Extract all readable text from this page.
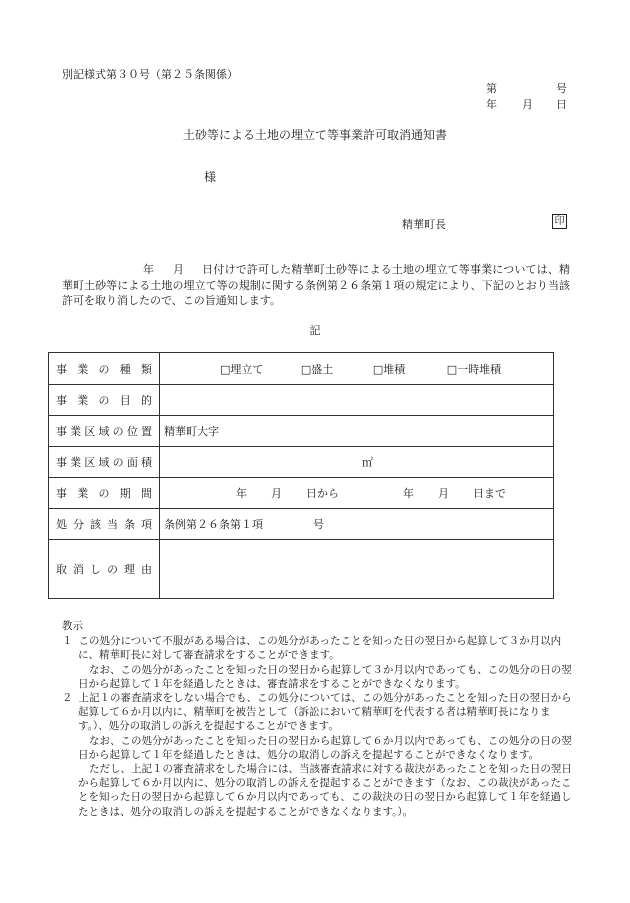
別記様式第３０号（第２５条関係）
第	号
年 月 日
土砂等による土地の埋立て等事業許可取消通知書
様
精華町長	印
年 月 日付けで許可した精華町土砂等による土地の埋立て等事業については、精華町土砂等による土地の埋立て等の規制に関する条例第２６条第１項の規定により、下記のとおり当該許可を取り消したので、この旨通知します。
記
事業の種類	□埋立て □盛土 □堆積 □一時堆積
事業の目的	
事業区域の位置	精華町大字
事業区域の面積	㎡
事業の期間	年 月 日から 年 月 日まで
処分該当条項	条例第２６条第１項 号
取消しの理由	

教示

１ この処分について不服がある場合は、この処分があったことを知った日の翌日から起算して３か月以内に、精華町長に対して審査請求をすることができます。

なお、この処分があったことを知った日の翌日から起算して３か月以内であっても、この処分の日の翌日から起算して１年を経過したときは、審査請求をすることができなくなります。

２ 上記１の審査請求をしない場合でも、この処分については、この処分があったことを知った日の翌日から起算して６か月以内に、精華町を被告として（訴訟において精華町を代表する者は精華町長になります。）、処分の取消しの訴えを提起することができます。

なお、この処分があったことを知った日の翌日から起算して６か月以内であっても、この処分の日の翌日から起算して１年を経過したときは、処分の取消しの訴えを提起することができなくなります。

ただし、上記１の審査請求をした場合には、当該審査請求に対する裁決があったことを知った日の翌日から起算して６か月以内に、処分の取消しの訴えを提起することができます（なお、この裁決があったことを知った日の翌日から起算して６か月以内であっても、この裁決の日の翌日から起算して１年を経過したときは、処分の取消しの訴えを提起することができなくなります。）。
